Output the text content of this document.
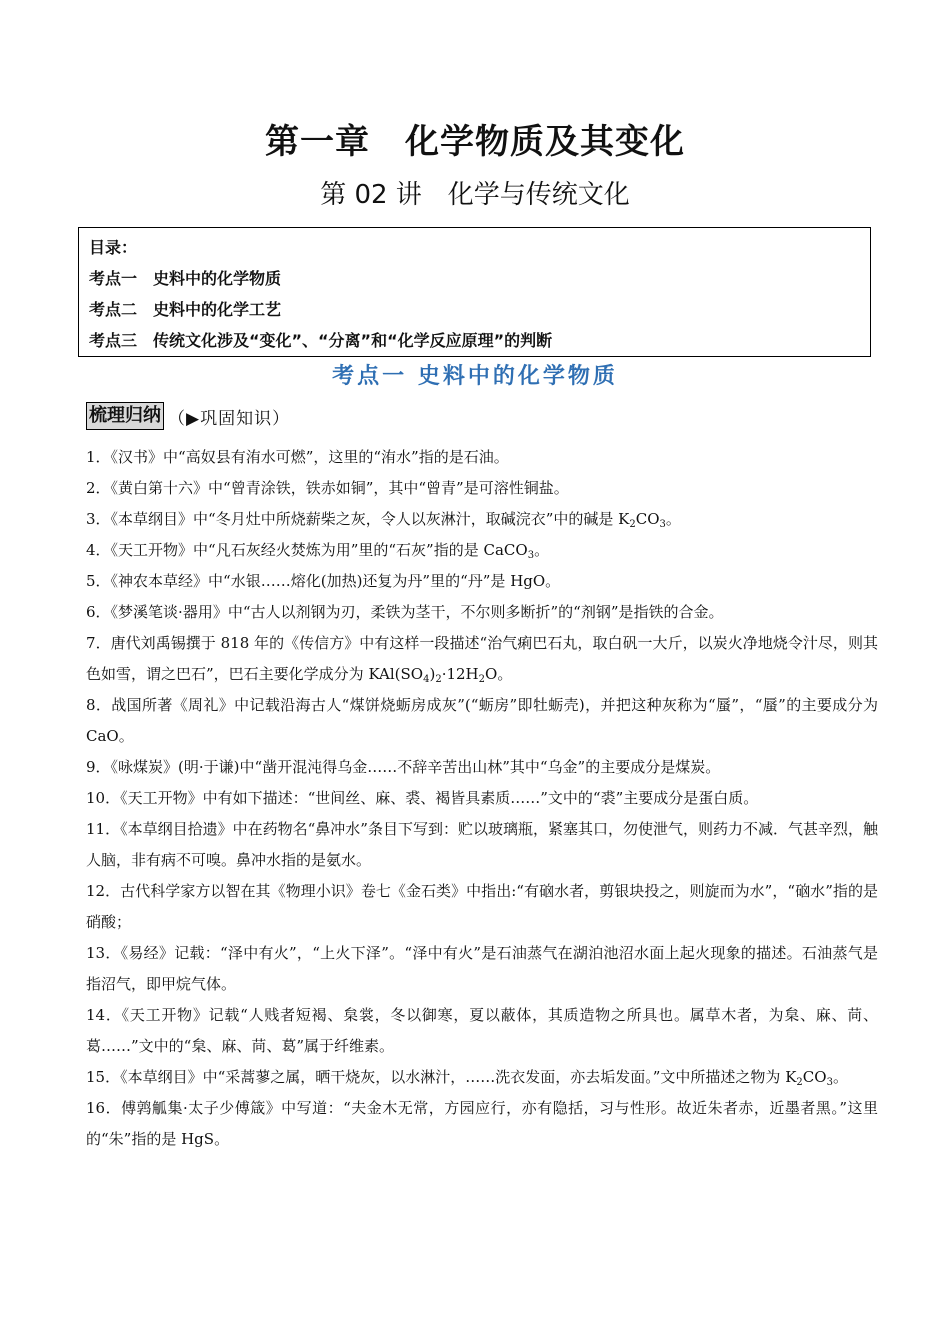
第一章　化学物质及其变化
第 02 讲　化学与传统文化
目录：
考点一　史料中的化学物质
考点二　史料中的化学工艺
考点三　传统文化涉及“变化”、“分离”和“化学反应原理”的判断
考点一 史料中的化学物质
梳理归纳 （▶巩固知识）
1．《汉书》中“高奴县有洧水可燃”，这里的“洧水”指的是石油。
2．《黄白第十六》中“曾青涂铁，铁赤如铜”，其中“曾青”是可溶性铜盐。
3．《本草纲目》中“冬月灶中所烧薪柴之灰，令人以灰淋汁，取碱浣衣”中的碱是 $K_2CO_3$。
4．《天工开物》中“凡石灰经火焚炼为用”里的“石灰”指的是 CaCO$_3$。
5．《神农本草经》中“水银……熔化(加热)还复为丹”里的“丹”是 HgO。
6．《梦溪笔谈·器用》中“古人以剂钢为刃，柔铁为茎干，不尔则多断折”的“剂钢”是指铁的合金。
7．唐代刘禹锡撰于 818 年的《传信方》中有这样一段描述“治气痢巴石丸，取白矾一大斤，以炭火净地烧令汁尽，则其色如雪，谓之巴石”，巴石主要化学成分为 $KAl(SO_4)_2\cdot 12H_2O$。
8．战国所著《周礼》中记载沿海古人“煤饼烧蛎房成灰”(“蛎房”即牡蛎壳)，并把这种灰称为“蜃”，“蜃”的主要成分为 CaO。
9．《咏煤炭》(明·于谦)中“凿开混沌得乌金……不辞辛苦出山林”其中“乌金”的主要成分是煤炭。
10．《天工开物》中有如下描述：“世间丝、麻、裘、褐皆具素质……”文中的“裘”主要成分是蛋白质。
11．《本草纲目拾遗》中在药物名“鼻冲水”条目下写到：贮以玻璃瓶，紧塞其口，勿使泄气，则药力不减．气甚辛烈，触人脑，非有病不可嗅。鼻冲水指的是氨水。
12．古代科学家方以智在其《物理小识》卷七《金石类》中指出:“有硇水者，剪银块投之，则旋而为水”，“硇水”指的是硝酸；
13．《易经》记载：“泽中有火”，“上火下泽”。“泽中有火”是石油蒸气在湖泊池沼水面上起火现象的描述。石油蒸气是指沼气，即甲烷气体。
14．《天工开物》记载“人贱者短褐、枲裳，冬以御寒，夏以蔽体，其质造物之所具也。属草木者，为枲、麻、苘、葛……”文中的“枲、麻、苘、葛”属于纤维素。
15．《本草纲目》中“采蒿蓼之属，晒干烧灰，以水淋汁，……洗衣发面，亦去垢发面。”文中所描述之物为 $K_2CO_3$。
16．傅鹑觚集·太子少傅箴》中写道：“夫金木无常，方园应行，亦有隐括，习与性形。故近朱者赤，近墨者黑。”这里的“朱”指的是 HgS。
